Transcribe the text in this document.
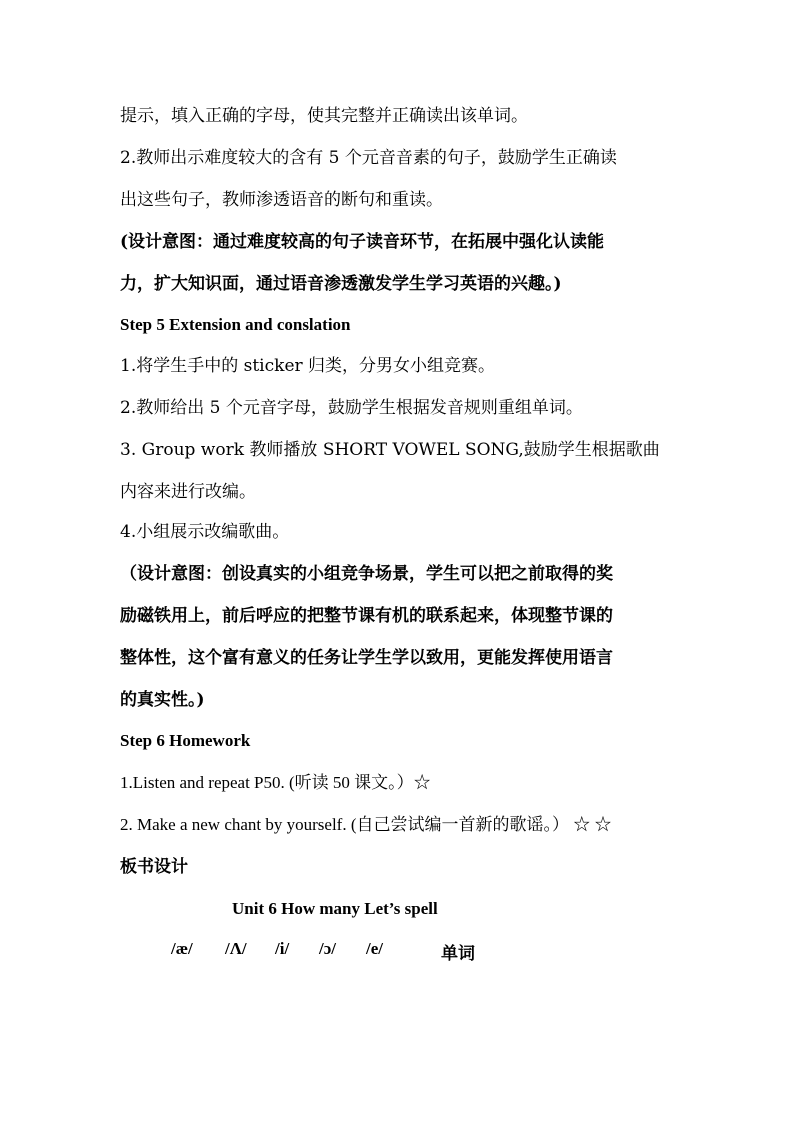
提示，填入正确的字母，使其完整并正确读出该单词。
2.教师出示难度较大的含有 5 个元音音素的句子，鼓励学生正确读
出这些句子，教师渗透语音的断句和重读。
(设计意图：通过难度较高的句子读音环节，在拓展中强化认读能
力，扩大知识面，通过语音渗透激发学生学习英语的兴趣。)
Step 5 Extension and conslation
1.将学生手中的 sticker 归类，分男女小组竞赛。
2.教师给出 5 个元音字母，鼓励学生根据发音规则重组单词。
3. Group work 教师播放 SHORT VOWEL SONG,鼓励学生根据歌曲
内容来进行改编。
4.小组展示改编歌曲。
（设计意图：创设真实的小组竞争场景，学生可以把之前取得的奖
励磁铁用上，前后呼应的把整节课有机的联系起来，体现整节课的
整体性，这个富有意义的任务让学生学以致用，更能发挥使用语言
的真实性。)
Step 6 Homework
1.Listen and repeat P50. (听读 50 课文。）☆
2. Make a new chant by yourself. (自己尝试编一首新的歌谣。） ☆ ☆
板书设计
Unit 6 How many Let’s spell
/æ/ /Λ/ /i/ /ɔ/ /e/	单词
